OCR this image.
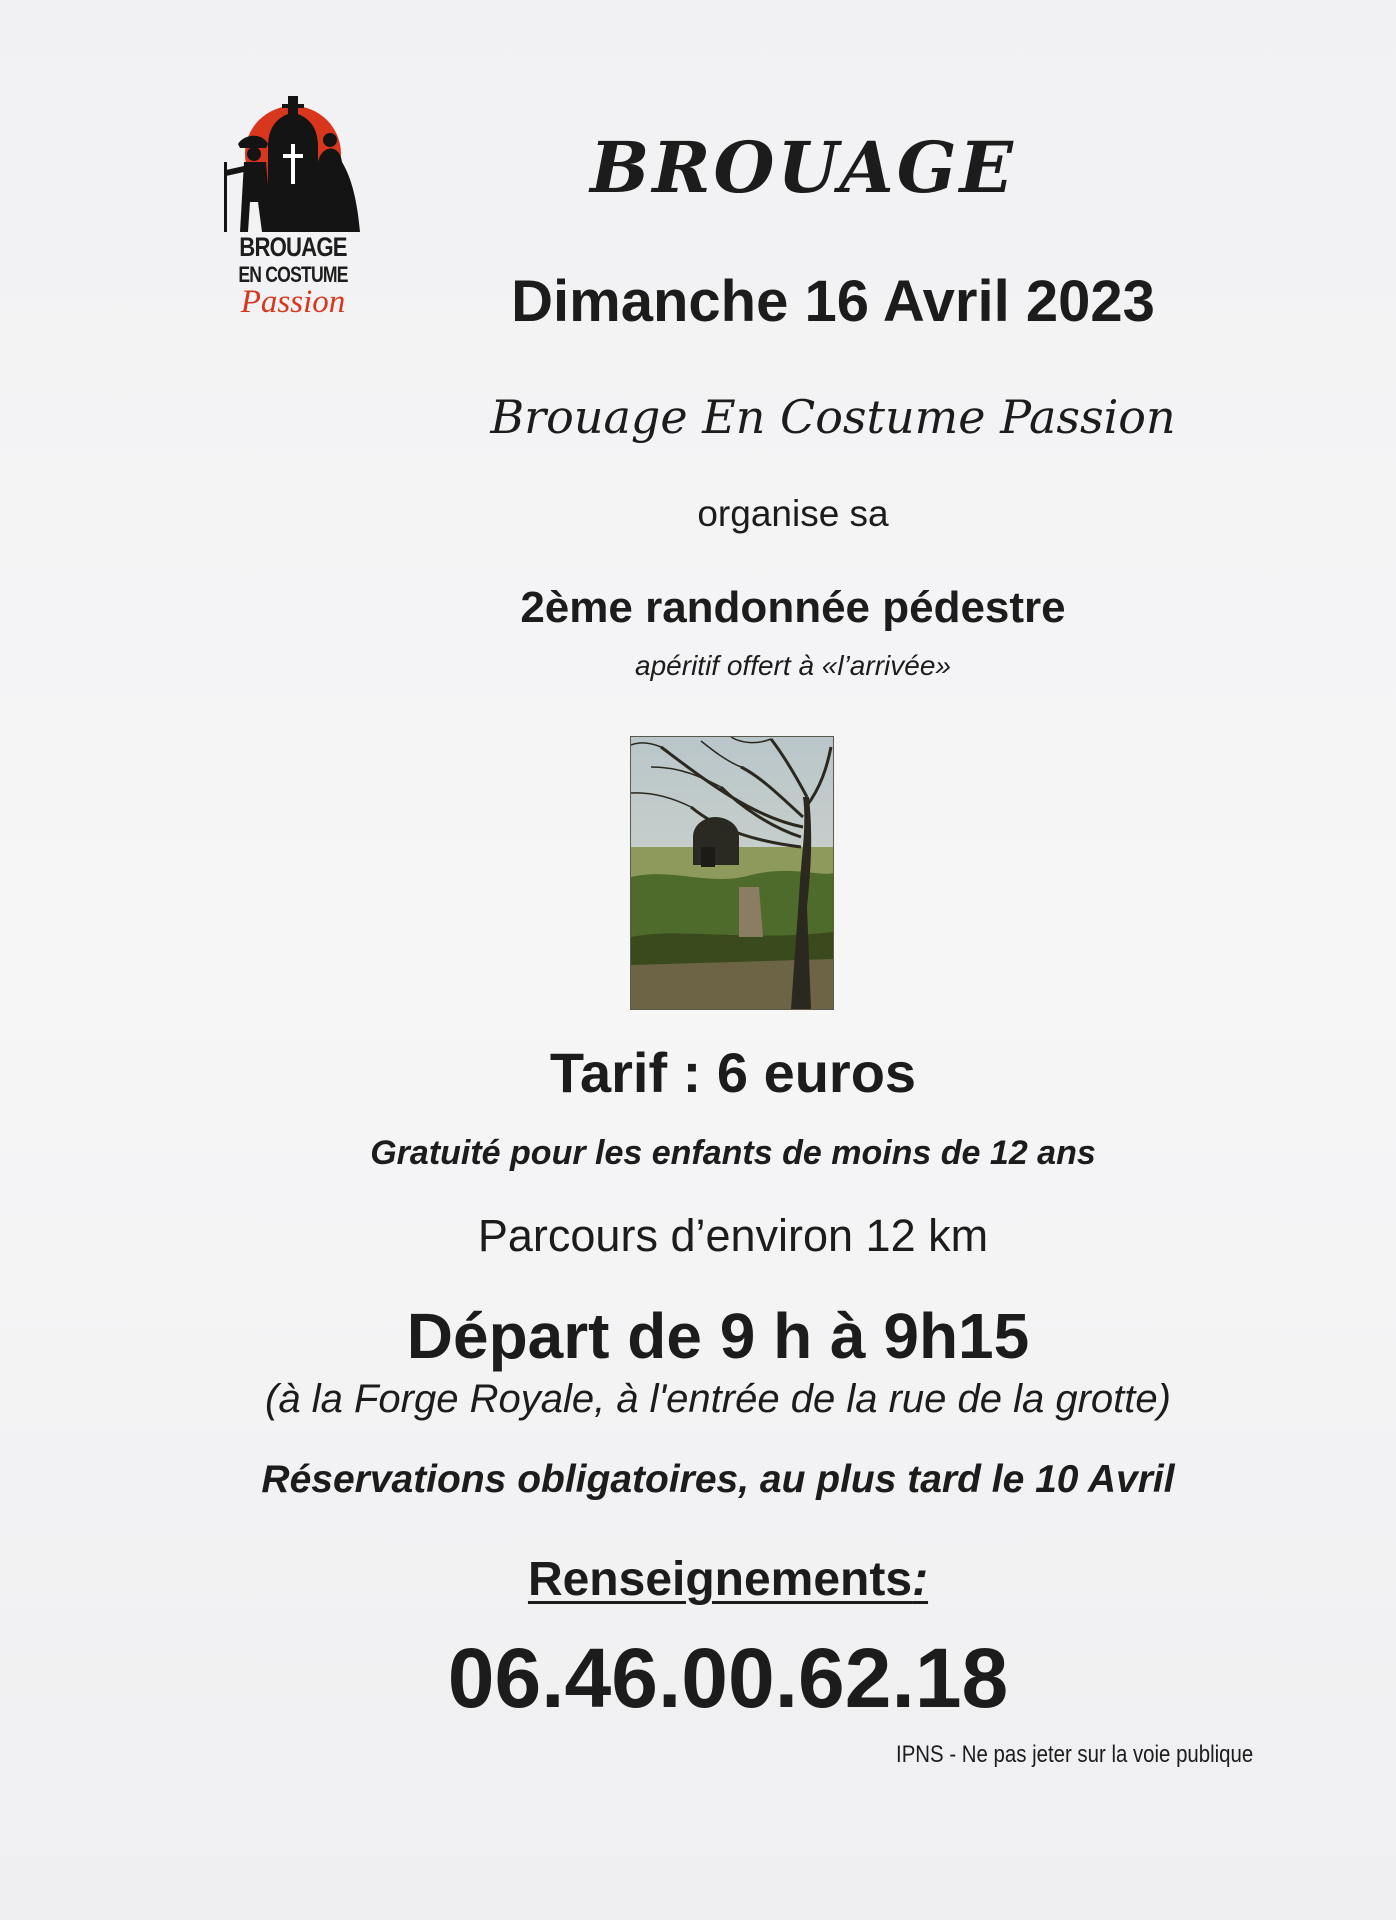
BROUAGE
EN COSTUME
Passion
BROUAGE
Dimanche 16 Avril 2023
Brouage En Costume Passion
organise sa
2ème randonnée pédestre
apéritif offert à «l’arrivée»
Tarif : 6 euros
Gratuité pour les enfants de moins de 12 ans
Parcours d’environ 12 km
Départ de 9 h à 9h15
(à la Forge Royale, à l'entrée de la rue de la grotte)
Réservations obligatoires, au plus tard le 10 Avril
Renseignements:
06.46.00.62.18
IPNS - Ne pas jeter sur la voie publique
